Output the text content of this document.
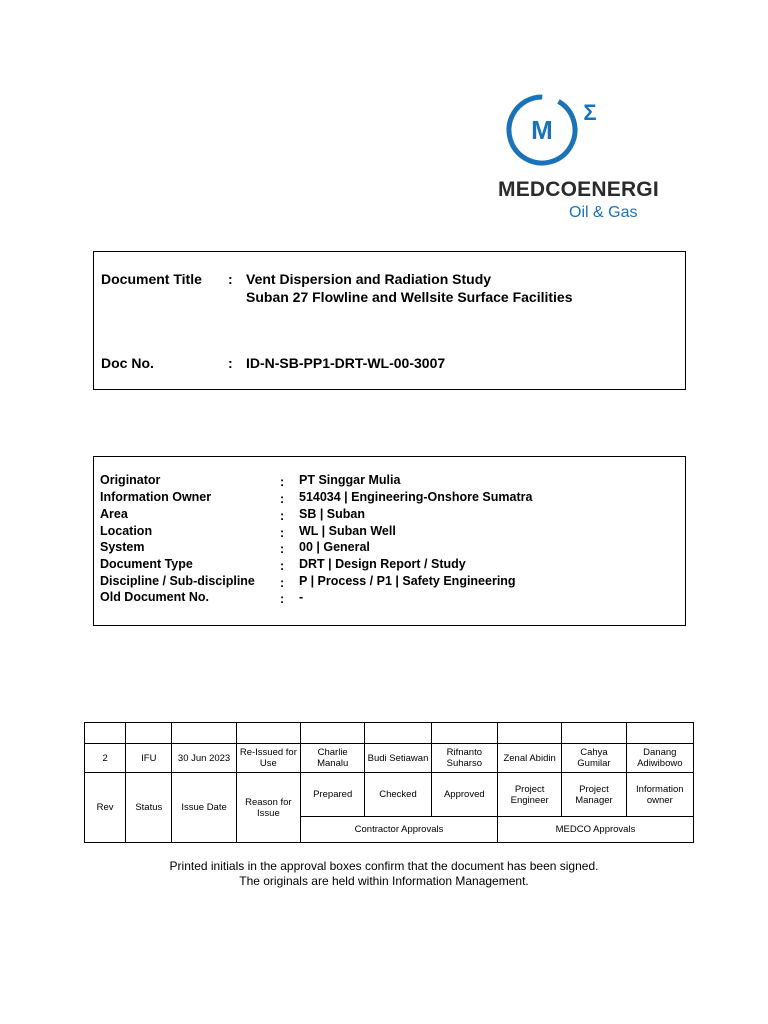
M
Σ
MEDCOENERGI
Oil & Gas
Document Title : Vent Dispersion and Radiation Study
Suban 27 Flowline and Wellsite Surface Facilities
Doc No.	: ID-N-SB-PP1-DRT-WL-00-3007
Originator	: PT Singgar Mulia
Information Owner	: 514034 | Engineering-Onshore Sumatra
Area	: SB | Suban
Location	: WL | Suban Well
System	: 00 | General
Document Type	: DRT | Design Report / Study
Discipline / Sub-discipline : P | Process / P1 | Safety Engineering
Old Document No.	: -

2	IFU	30 Jun 2023	Re-Issued for Use	Charlie Manalu	Budi Setiawan	Rifnanto Suharso	Zenal Abidin	Cahya Gumilar	Danang Adiwibowo
Rev	Status	Issue Date	Reason for Issue	Prepared	Checked	Approved	Project Engineer	Project Manager	Information owner
				Contractor Approvals			MEDCO Approvals		
Printed initials in the approval boxes confirm that the document has been signed.
The originals are held within Information Management.
